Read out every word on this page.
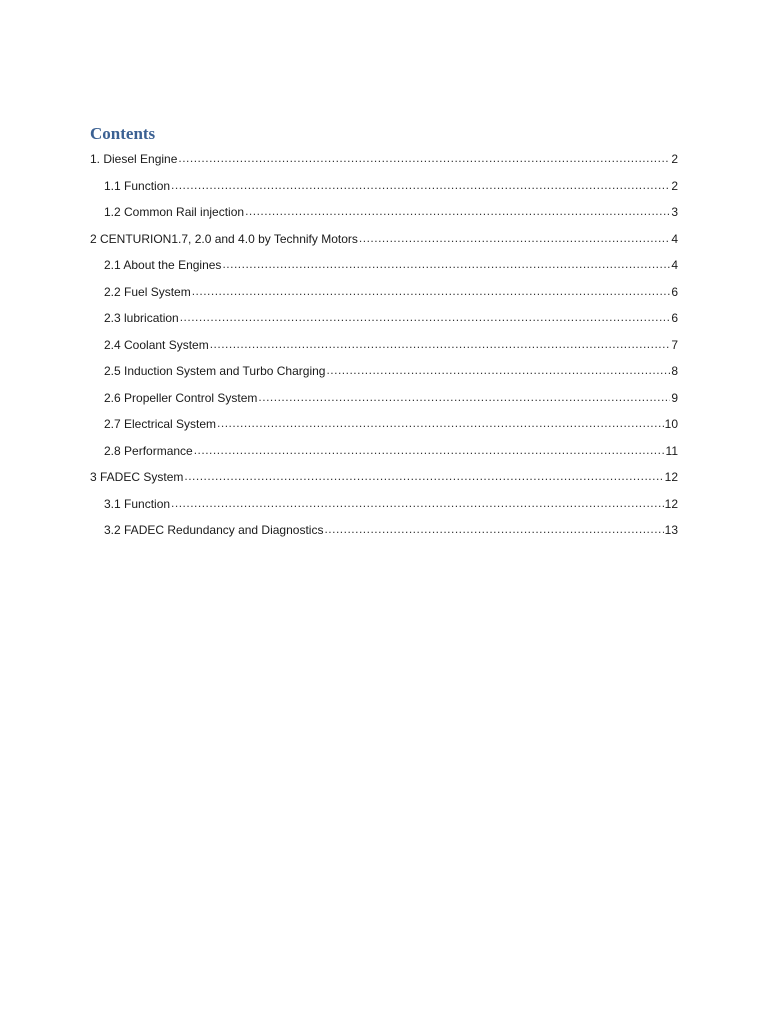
Contents
1. Diesel Engine .....	2
1.1 Function .....	2
1.2 Common Rail injection .....	3
2 CENTURION1.7, 2.0 and 4.0 by Technify Motors .....	4
2.1 About the Engines .....	4
2.2 Fuel System .....	6
2.3 lubrication .....	6
2.4 Coolant System .....	7
2.5 Induction System and Turbo Charging .....	8
2.6 Propeller Control System .....	9
2.7 Electrical System .....	10
2.8 Performance .....	11
3 FADEC System .....	12
3.1 Function .....	12
3.2 FADEC Redundancy and Diagnostics .....	13
